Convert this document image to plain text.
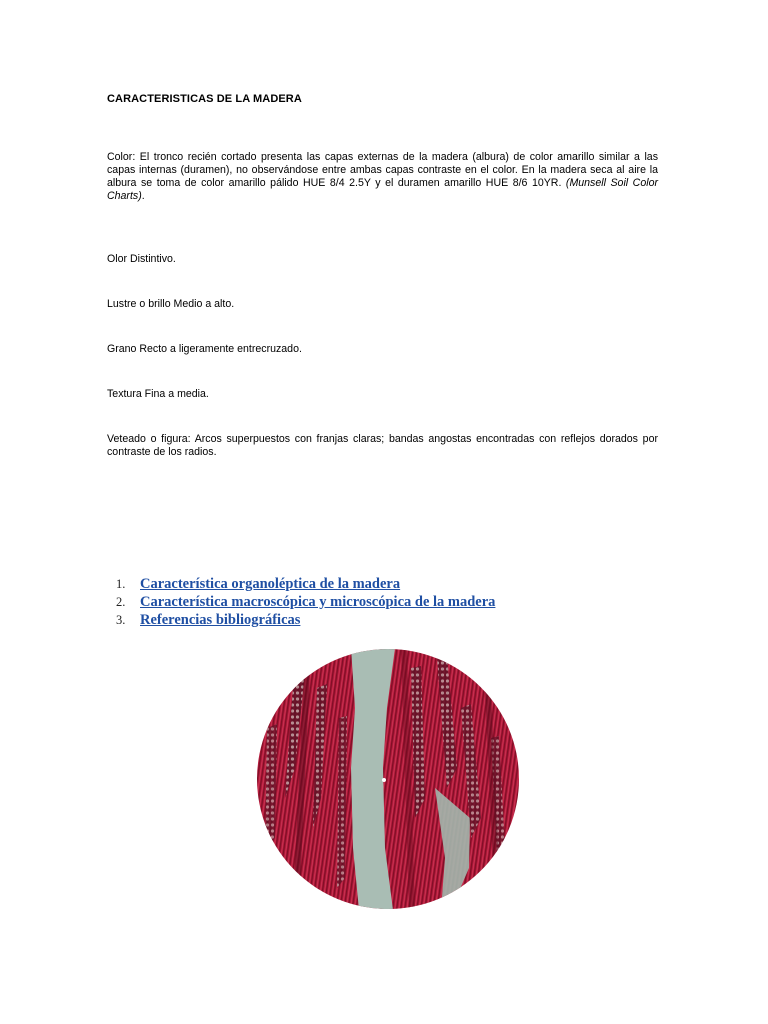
CARACTERISTICAS DE LA MADERA
Color: El tronco recién cortado presenta las capas externas de la madera (albura) de color amarillo similar a las capas internas (duramen), no observándose entre ambas capas contraste en el color. En la madera seca al aire la albura se toma de color amarillo pálido HUE 8/4 2.5Y y el duramen amarillo HUE 8/6 10YR. (Munsell Soil Color Charts).
Olor Distintivo.
Lustre o brillo Medio a alto.
Grano Recto a ligeramente entrecruzado.
Textura Fina a media.
Veteado o figura: Arcos superpuestos con franjas claras; bandas angostas encontradas con reflejos dorados por contraste de los radios.
1. Característica organoléptica de la madera
2. Característica macroscópica y microscópica de la madera
3. Referencias bibliográficas
